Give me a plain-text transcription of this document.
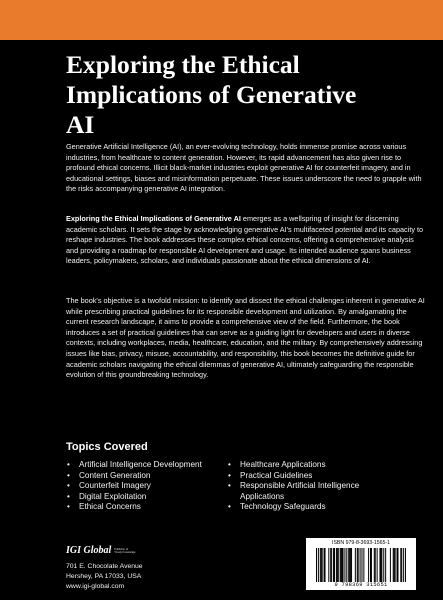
Exploring the Ethical
Implications of Generative
AI

Generative Artificial Intelligence (AI), an ever-evolving technology, holds immense promise across various industries, from healthcare to content generation. However, its rapid advancement has also given rise to profound ethical concerns. Illicit black-market industries exploit generative AI for counterfeit imagery, and in educational settings, biases and misinformation perpetuate. These issues underscore the need to grapple with the risks accompanying generative AI integration.

Exploring the Ethical Implications of Generative AI emerges as a wellspring of insight for discerning academic scholars. It sets the stage by acknowledging generative AI's multifaceted potential and its capacity to reshape industries. The book addresses these complex ethical concerns, offering a comprehensive analysis and providing a roadmap for responsible AI development and usage. Its intended audience spans business leaders, policymakers, scholars, and individuals passionate about the ethical dimensions of AI.

The book's objective is a twofold mission: to identify and dissect the ethical challenges inherent in generative AI while prescribing practical guidelines for its responsible development and utilization. By amalgamating the current research landscape, it aims to provide a comprehensive view of the field. Furthermore, the book introduces a set of practical guidelines that can serve as a guiding light for developers and users in diverse contexts, including workplaces, media, healthcare, education, and the military. By comprehensively addressing issues like bias, privacy, misuse, accountability, and responsibility, this book becomes the definitive guide for academic scholars navigating the ethical dilemmas of generative AI, ultimately safeguarding the responsible evolution of this groundbreaking technology.

Topics Covered
• Artificial Intelligence Development
• Content Generation
• Counterfeit Imagery
• Digital Exploitation
• Ethical Concerns
• Healthcare Applications
• Practical Guidelines
• Responsible Artificial Intelligence Applications
• Technology Safeguards
IGI Global Publisher of Timely Knowledge
701 E. Chocolate Avenue
Hershey, PA 17033, USA
www.igi-global.com
ISBN 979-8-3693-1565-1
9 798369 315651
